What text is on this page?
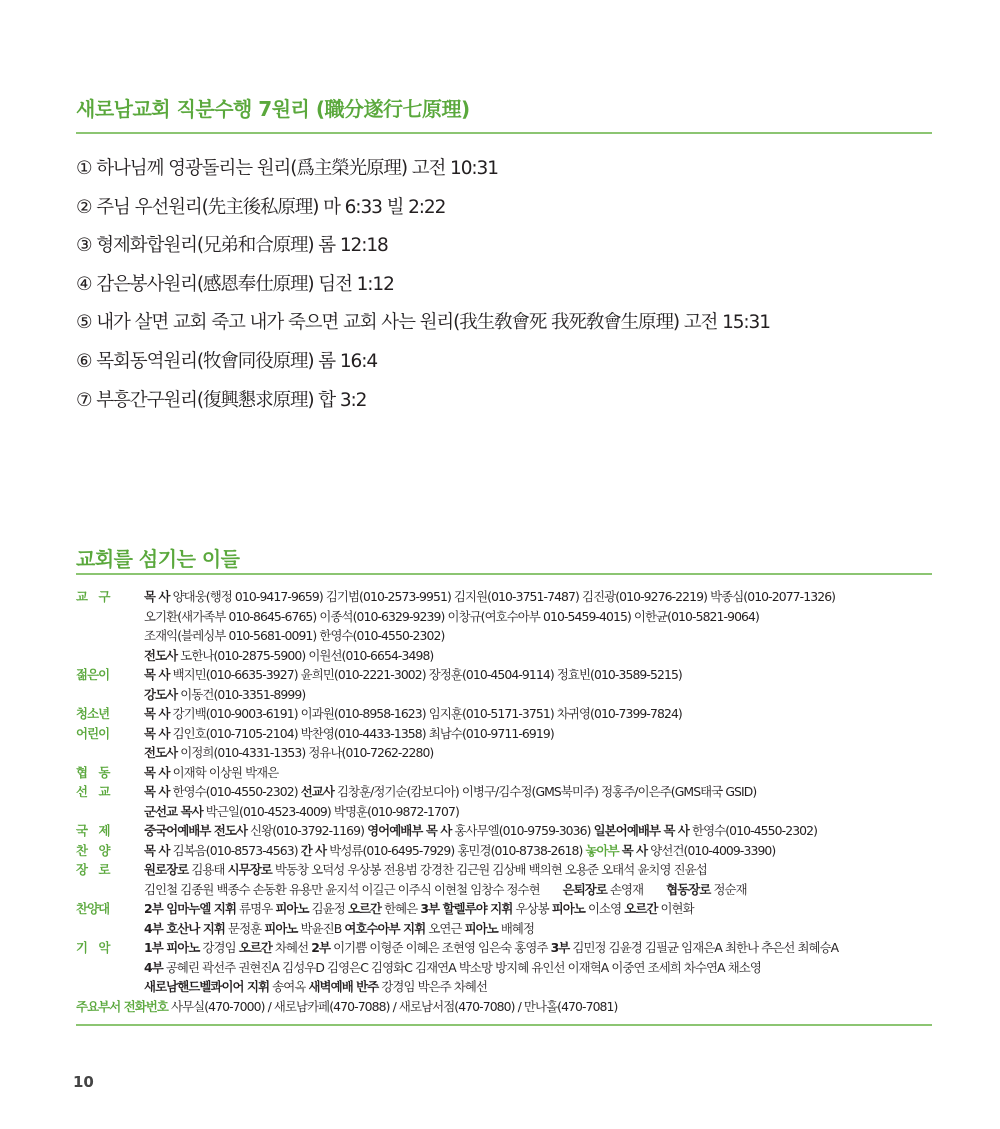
새로남교회 직분수행 7원리 (職分遂行七原理)
① 하나님께 영광돌리는 원리(爲主榮光原理) 고전 10:31
② 주님 우선원리(先主後私原理) 마 6:33 빌 2:22
③ 형제화합원리(兄弟和合原理) 롬 12:18
④ 감은봉사원리(感恩奉仕原理) 딤전 1:12
⑤ 내가 살면 교회 죽고 내가 죽으면 교회 사는 원리(我生敎會死 我死敎會生原理) 고전 15:31
⑥ 목회동역원리(牧會同役原理) 롬 16:4
⑦ 부흥간구원리(復興懇求原理) 합 3:2
교회를 섬기는 이들
교　구	목 사 양대웅(행정 010-9417-9659) 김기범(010-2573-9951) 김지원(010-3751-7487) 김진광(010-9276-2219) 박종심(010-2077-1326)
오기환(새가족부 010-8645-6765) 이종석(010-6329-9239) 이창규(여호수아부 010-5459-4015) 이한균(010-5821-9064)
조재익(블레싱부 010-5681-0091) 한영수(010-4550-2302)
전도사 도한나(010-2875-5900) 이원선(010-6654-3498)
젊은이	목 사 백지민(010-6635-3927) 윤희민(010-2221-3002) 장정훈(010-4504-9114) 정효빈(010-3589-5215)
강도사 이동건(010-3351-8999)
청소년	목 사 강기백(010-9003-6191) 이과원(010-8958-1623) 임지훈(010-5171-3751) 차귀영(010-7399-7824)
어린이	목 사 김인호(010-7105-2104) 박찬영(010-4433-1358) 최남수(010-9711-6919)
전도사 이정희(010-4331-1353) 정유나(010-7262-2280)
협　동	목 사 이재학 이상원 박재은
선　교	목 사 한영수(010-4550-2302) 선교사 김창훈/정기순(캄보디아) 이병구/김수정(GMS북미주) 정홍주/이은주(GMS태국 GSID)
군선교 목사 박근일(010-4523-4009) 박명훈(010-9872-1707)
국　제	중국어예배부 전도사 신왕(010-3792-1169) 영어예배부 목 사 홍사무엘(010-9759-3036) 일본어예배부 목 사 한영수(010-4550-2302)
찬　양	목 사 김복음(010-8573-4563) 간 사 박성류(010-6495-7929) 홍민경(010-8738-2618) 놓아부 목 사 양선건(010-4009-3390)
장　로	원로장로 김용태 시무장로 박동창 오덕성 우상봉 전용범 강경찬 김근원 김상배 백의현 오용준 오태석 윤치영 진윤섭
김인철 김종원 백종수 손동환 유용만 윤지석 이길근 이주식 이현철 임창수 정수현　　은퇴장로 손영재　　협동장로 정순재
찬양대	2부 임마누엘 지휘 류명우 피아노 김윤정 오르간 한혜은 3부 할렐루야 지휘 우상봉 피아노 이소영 오르간 이현화
4부 호산나 지휘 문정훈 피아노 박윤진B 여호수아부 지휘 오연근 피아노 배혜정
기　악	1부 피아노 강경임 오르간 차혜선 2부 이기쁨 이형준 이혜은 조현영 임은숙 홍영주 3부 김민정 김윤경 김필균 임재은A 최한나 추은선 최혜승A
4부 공혜린 곽선주 권현진A 김성우D 김영은C 김영화C 김재연A 박소망 방지혜 유인선 이재혁A 이중연 조세희 차수연A 채소영
새로남핸드벨콰이어 지휘 송여옥 새벽예배 반주 강경임 박은주 차혜선
주요부서 전화번호 사무실(470-7000) / 새로남카페(470-7088) / 새로남서점(470-7080) / 만나홀(470-7081)
10
